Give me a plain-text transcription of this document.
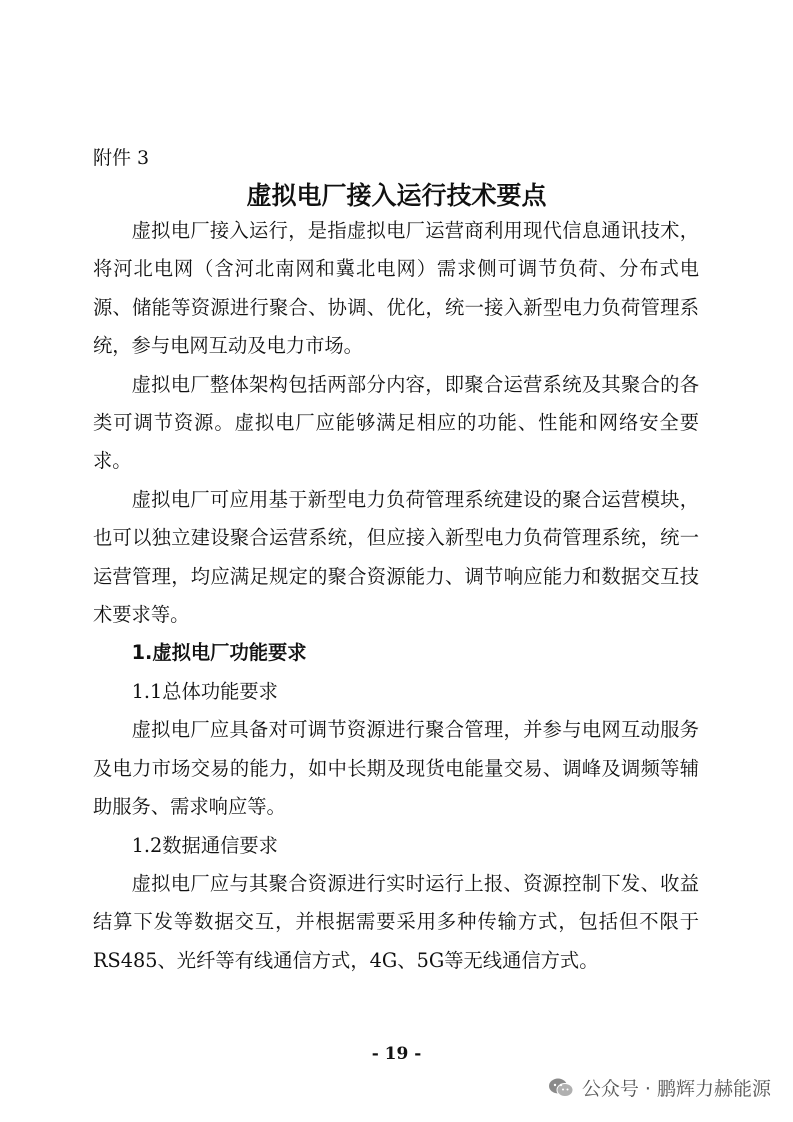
附件 3
虚拟电厂接入运行技术要点

虚拟电厂接入运行，是指虚拟电厂运营商利用现代信息通讯技术，将河北电网（含河北南网和冀北电网）需求侧可调节负荷、分布式电源、储能等资源进行聚合、协调、优化，统一接入新型电力负荷管理系统，参与电网互动及电力市场。

虚拟电厂整体架构包括两部分内容，即聚合运营系统及其聚合的各类可调节资源。虚拟电厂应能够满足相应的功能、性能和网络安全要求。

虚拟电厂可应用基于新型电力负荷管理系统建设的聚合运营模块，也可以独立建设聚合运营系统，但应接入新型电力负荷管理系统，统一运营管理，均应满足规定的聚合资源能力、调节响应能力和数据交互技术要求等。

1.虚拟电厂功能要求

1.1总体功能要求

虚拟电厂应具备对可调节资源进行聚合管理，并参与电网互动服务及电力市场交易的能力，如中长期及现货电能量交易、调峰及调频等辅助服务、需求响应等。

1.2数据通信要求

虚拟电厂应与其聚合资源进行实时运行上报、资源控制下发、收益结算下发等数据交互，并根据需要采用多种传输方式，包括但不限于RS485、光纤等有线通信方式，4G、5G等无线通信方式。

- 19 -
公众号 · 鹏辉力赫能源
